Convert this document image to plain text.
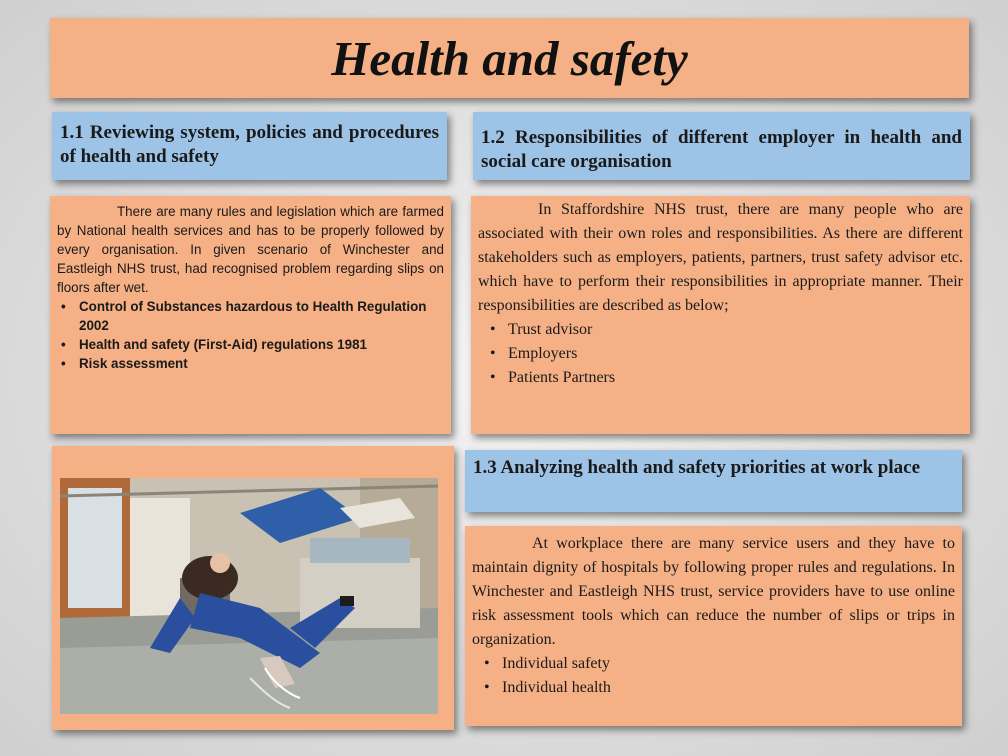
Health and safety
1.1 Reviewing system, policies and procedures of health and safety
1.2 Responsibilities of different employer in health and social care organisation

There are many rules and legislation which are farmed by National health services and has to be properly followed by every organisation. In given scenario of Winchester and Eastleigh NHS trust, had recognised problem regarding slips on floors after wet.

• Control of Substances hazardous to Health Regulation 2002
• Health and safety (First-Aid) regulations 1981
• Risk assessment

In Staffordshire NHS trust, there are many people who are associated with their own roles and responsibilities. As there are different stakeholders such as employers, patients, partners, trust safety advisor etc. which have to perform their responsibilities in appropriate manner. Their responsibilities are described as below;

• Trust advisor
• Employers
• Patients Partners
1.3 Analyzing health and safety priorities at work place

At workplace there are many service users and they have to maintain dignity of hospitals by following proper rules and regulations. In Winchester and Eastleigh NHS trust, service providers have to use online risk assessment tools which can reduce the number of slips or trips in organization.

• Individual safety
• Individual health
